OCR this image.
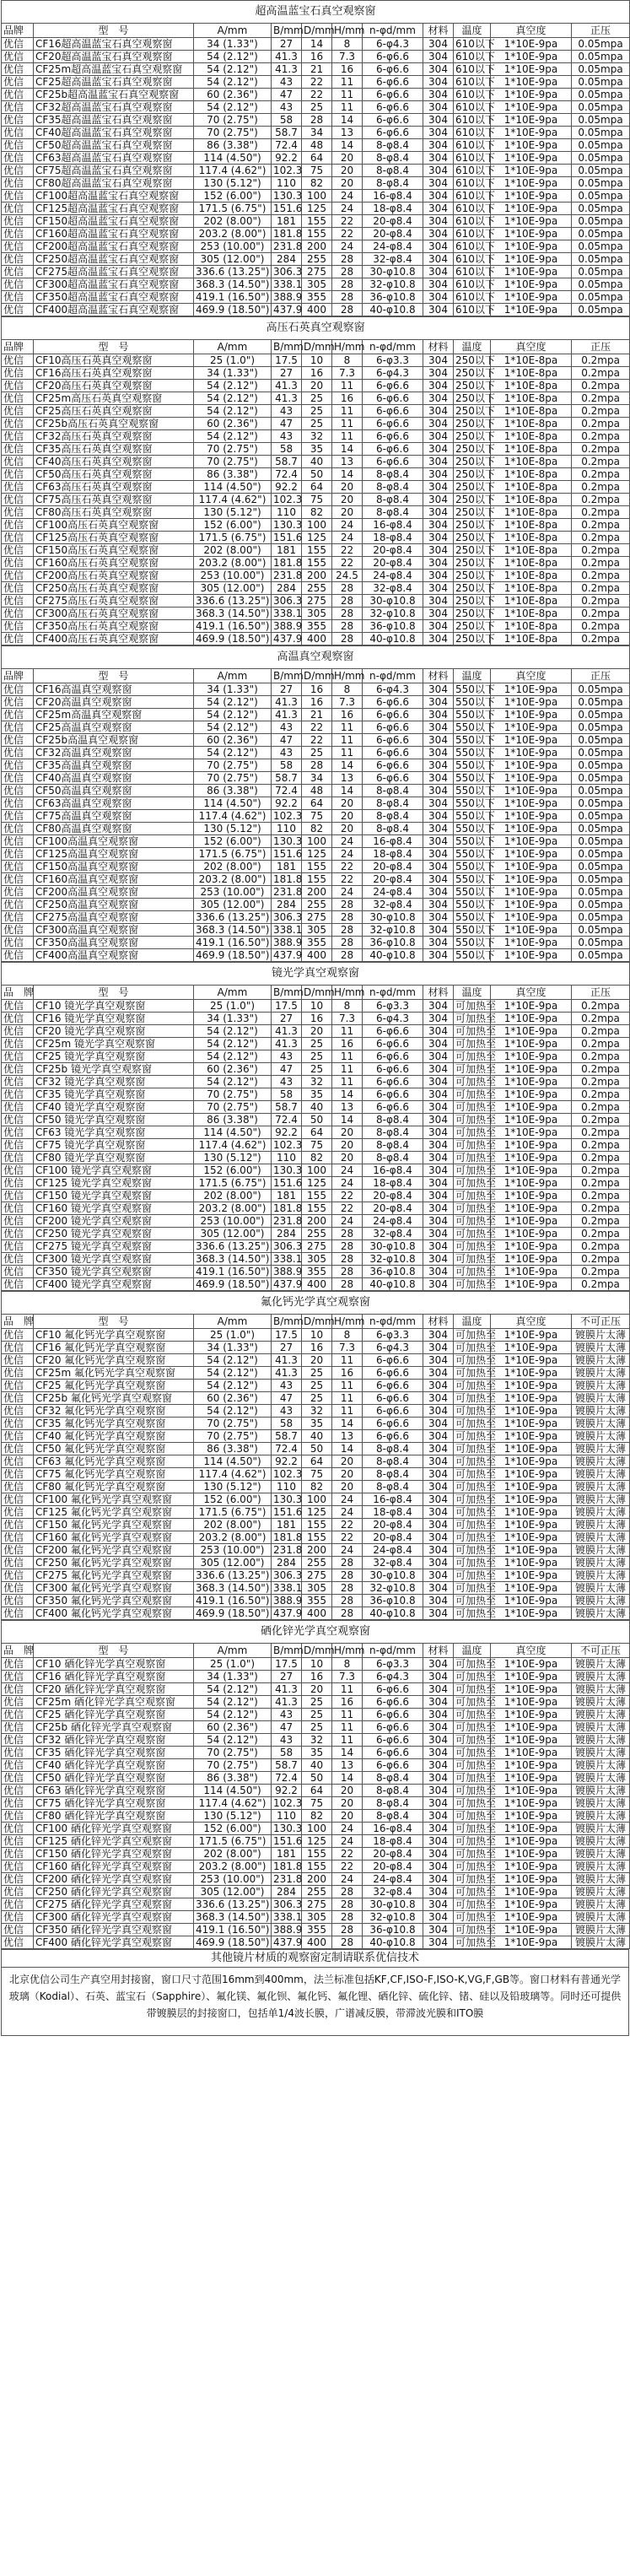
超高温蓝宝石真空观察窗										
品牌	型　号	A/mm	B/mm	D/mm	H/mm	n-φd/mm	材料	温度	真空度	正压
优信	CF16超高温蓝宝石真空观察窗	34 (1.33")	27	14	8	6-φ4.3	304	610以下	1*10E-9pa	0.05mpa
优信	CF20超高温蓝宝石真空观察窗	54 (2.12")	41.3	16	7.3	6-φ6.6	304	610以下	1*10E-9pa	0.05mpa
优信	CF25m超高温蓝宝石真空观察窗	54 (2.12")	41.3	21	16	6-φ6.6	304	610以下	1*10E-9pa	0.05mpa
优信	CF25超高温蓝宝石真空观察窗	54 (2.12")	43	22	11	6-φ6.6	304	610以下	1*10E-9pa	0.05mpa
优信	CF25b超高温蓝宝石真空观察窗	60 (2.36")	47	22	11	6-φ6.6	304	610以下	1*10E-9pa	0.05mpa
优信	CF32超高温蓝宝石真空观察窗	54 (2.12")	43	25	11	6-φ6.6	304	610以下	1*10E-9pa	0.05mpa
优信	CF35超高温蓝宝石真空观察窗	70 (2.75")	58	28	14	6-φ6.6	304	610以下	1*10E-9pa	0.05mpa
优信	CF40超高温蓝宝石真空观察窗	70 (2.75")	58.7	34	13	6-φ6.6	304	610以下	1*10E-9pa	0.05mpa
优信	CF50超高温蓝宝石真空观察窗	86 (3.38")	72.4	48	14	8-φ8.4	304	610以下	1*10E-9pa	0.05mpa
优信	CF63超高温蓝宝石真空观察窗	114 (4.50")	92.2	64	20	8-φ8.4	304	610以下	1*10E-9pa	0.05mpa
优信	CF75超高温蓝宝石真空观察窗	117.4 (4.62")	102.3	75	20	8-φ8.4	304	610以下	1*10E-9pa	0.05mpa
优信	CF80超高温蓝宝石真空观察窗	130 (5.12")	110	82	20	8-φ8.4	304	610以下	1*10E-9pa	0.05mpa
优信	CF100超高温蓝宝石真空观察窗	152 (6.00")	130.3	100	24	16-φ8.4	304	610以下	1*10E-9pa	0.05mpa
优信	CF125超高温蓝宝石真空观察窗	171.5 (6.75")	151.6	125	24	18-φ8.4	304	610以下	1*10E-9pa	0.05mpa
优信	CF150超高温蓝宝石真空观察窗	202 (8.00")	181	155	22	20-φ8.4	304	610以下	1*10E-9pa	0.05mpa
优信	CF160超高温蓝宝石真空观察窗	203.2 (8.00")	181.8	155	22	20-φ8.4	304	610以下	1*10E-9pa	0.05mpa
优信	CF200超高温蓝宝石真空观察窗	253 (10.00")	231.8	200	24	24-φ8.4	304	610以下	1*10E-9pa	0.05mpa
优信	CF250超高温蓝宝石真空观察窗	305 (12.00")	284	255	28	32-φ8.4	304	610以下	1*10E-9pa	0.05mpa
优信	CF275超高温蓝宝石真空观察窗	336.6 (13.25")	306.3	275	28	30-φ10.8	304	610以下	1*10E-9pa	0.05mpa
优信	CF300超高温蓝宝石真空观察窗	368.3 (14.50")	338.1	305	28	32-φ10.8	304	610以下	1*10E-9pa	0.05mpa
优信	CF350超高温蓝宝石真空观察窗	419.1 (16.50")	388.9	355	28	36-φ10.8	304	610以下	1*10E-9pa	0.05mpa
优信	CF400超高温蓝宝石真空观察窗	469.9 (18.50")	437.9	400	28	40-φ10.8	304	610以下	1*10E-9pa	0.05mpa
高压石英真空观察窗										
品牌	型　号	A/mm	B/mm	D/mm	H/mm	n-φd/mm	材料	温度	真空度	正压
优信	CF10高压石英真空观察窗	25 (1.0")	17.5	10	8	6-φ3.3	304	250以下	1*10E-8pa	0.2mpa
优信	CF16高压石英真空观察窗	34 (1.33")	27	16	7.3	6-φ4.3	304	250以下	1*10E-8pa	0.2mpa
优信	CF20高压石英真空观察窗	54 (2.12")	41.3	20	11	6-φ6.6	304	250以下	1*10E-8pa	0.2mpa
优信	CF25m高压石英真空观察窗	54 (2.12")	41.3	25	16	6-φ6.6	304	250以下	1*10E-8pa	0.2mpa
优信	CF25高压石英真空观察窗	54 (2.12")	43	25	11	6-φ6.6	304	250以下	1*10E-8pa	0.2mpa
优信	CF25b高压石英真空观察窗	60 (2.36")	47	25	11	6-φ6.6	304	250以下	1*10E-8pa	0.2mpa
优信	CF32高压石英真空观察窗	54 (2.12")	43	32	11	6-φ6.6	304	250以下	1*10E-8pa	0.2mpa
优信	CF35高压石英真空观察窗	70 (2.75")	58	35	14	6-φ6.6	304	250以下	1*10E-8pa	0.2mpa
优信	CF40高压石英真空观察窗	70 (2.75")	58.7	40	13	6-φ6.6	304	250以下	1*10E-8pa	0.2mpa
优信	CF50高压石英真空观察窗	86 (3.38")	72.4	50	14	8-φ8.4	304	250以下	1*10E-8pa	0.2mpa
优信	CF63高压石英真空观察窗	114 (4.50")	92.2	64	20	8-φ8.4	304	250以下	1*10E-8pa	0.2mpa
优信	CF75高压石英真空观察窗	117.4 (4.62")	102.3	75	20	8-φ8.4	304	250以下	1*10E-8pa	0.2mpa
优信	CF80高压石英真空观察窗	130 (5.12")	110	82	20	8-φ8.4	304	250以下	1*10E-8pa	0.2mpa
优信	CF100高压石英真空观察窗	152 (6.00")	130.3	100	24	16-φ8.4	304	250以下	1*10E-8pa	0.2mpa
优信	CF125高压石英真空观察窗	171.5 (6.75")	151.6	125	24	18-φ8.4	304	250以下	1*10E-8pa	0.2mpa
优信	CF150高压石英真空观察窗	202 (8.00")	181	155	22	20-φ8.4	304	250以下	1*10E-8pa	0.2mpa
优信	CF160高压石英真空观察窗	203.2 (8.00")	181.8	155	22	20-φ8.4	304	250以下	1*10E-8pa	0.2mpa
优信	CF200高压石英真空观察窗	253 (10.00")	231.8	200	24.5	24-φ8.4	304	250以下	1*10E-8pa	0.2mpa
优信	CF250高压石英真空观察窗	305 (12.00")	284	255	28	32-φ8.4	304	250以下	1*10E-8pa	0.2mpa
优信	CF275高压石英真空观察窗	336.6 (13.25")	306.3	275	28	30-φ10.8	304	250以下	1*10E-8pa	0.2mpa
优信	CF300高压石英真空观察窗	368.3 (14.50")	338.1	305	28	32-φ10.8	304	250以下	1*10E-8pa	0.2mpa
优信	CF350高压石英真空观察窗	419.1 (16.50")	388.9	355	28	36-φ10.8	304	250以下	1*10E-8pa	0.2mpa
优信	CF400高压石英真空观察窗	469.9 (18.50")	437.9	400	28	40-φ10.8	304	250以下	1*10E-8pa	0.2mpa
高温真空观察窗										
品牌	型　号	A/mm	B/mm	D/mm	H/mm	n-φd/mm	材料	温度	真空度	正压
优信	CF16高温真空观察窗	34 (1.33")	27	16	8	6-φ4.3	304	550以下	1*10E-9pa	0.05mpa
优信	CF20高温真空观察窗	54 (2.12")	41.3	16	7.3	6-φ6.6	304	550以下	1*10E-9pa	0.05mpa
优信	CF25m高温真空观察窗	54 (2.12")	41.3	21	16	6-φ6.6	304	550以下	1*10E-9pa	0.05mpa
优信	CF25高温真空观察窗	54 (2.12")	43	22	11	6-φ6.6	304	550以下	1*10E-9pa	0.05mpa
优信	CF25b高温真空观察窗	60 (2.36")	47	22	11	6-φ6.6	304	550以下	1*10E-9pa	0.05mpa
优信	CF32高温真空观察窗	54 (2.12")	43	25	11	6-φ6.6	304	550以下	1*10E-9pa	0.05mpa
优信	CF35高温真空观察窗	70 (2.75")	58	28	14	6-φ6.6	304	550以下	1*10E-9pa	0.05mpa
优信	CF40高温真空观察窗	70 (2.75")	58.7	34	13	6-φ6.6	304	550以下	1*10E-9pa	0.05mpa
优信	CF50高温真空观察窗	86 (3.38")	72.4	48	14	8-φ8.4	304	550以下	1*10E-9pa	0.05mpa
优信	CF63高温真空观察窗	114 (4.50")	92.2	64	20	8-φ8.4	304	550以下	1*10E-9pa	0.05mpa
优信	CF75高温真空观察窗	117.4 (4.62")	102.3	75	20	8-φ8.4	304	550以下	1*10E-9pa	0.05mpa
优信	CF80高温真空观察窗	130 (5.12")	110	82	20	8-φ8.4	304	550以下	1*10E-9pa	0.05mpa
优信	CF100高温真空观察窗	152 (6.00")	130.3	100	24	16-φ8.4	304	550以下	1*10E-9pa	0.05mpa
优信	CF125高温真空观察窗	171.5 (6.75")	151.6	125	24	18-φ8.4	304	550以下	1*10E-9pa	0.05mpa
优信	CF150高温真空观察窗	202 (8.00")	181	155	22	20-φ8.4	304	550以下	1*10E-9pa	0.05mpa
优信	CF160高温真空观察窗	203.2 (8.00")	181.8	155	22	20-φ8.4	304	550以下	1*10E-9pa	0.05mpa
优信	CF200高温真空观察窗	253 (10.00")	231.8	200	24	24-φ8.4	304	550以下	1*10E-9pa	0.05mpa
优信	CF250高温真空观察窗	305 (12.00")	284	255	28	32-φ8.4	304	550以下	1*10E-9pa	0.05mpa
优信	CF275高温真空观察窗	336.6 (13.25")	306.3	275	28	30-φ10.8	304	550以下	1*10E-9pa	0.05mpa
优信	CF300高温真空观察窗	368.3 (14.50")	338.1	305	28	32-φ10.8	304	550以下	1*10E-9pa	0.05mpa
优信	CF350高温真空观察窗	419.1 (16.50")	388.9	355	28	36-φ10.8	304	550以下	1*10E-9pa	0.05mpa
优信	CF400高温真空观察窗	469.9 (18.50")	437.9	400	28	40-φ10.8	304	550以下	1*10E-9pa	0.05mpa
镜光学真空观察窗										
品　牌	型　号	A/mm	B/mm	D/mm	H/mm	n-φd/mm	材料	温度	真空度	正压
优信	CF10 镜光学真空观察窗	25 (1.0")	17.5	10	8	6-φ3.3	304	可加热至	1*10E-9pa	0.2mpa
优信	CF16 镜光学真空观察窗	34 (1.33")	27	16	7.3	6-φ4.3	304	可加热至	1*10E-9pa	0.2mpa
优信	CF20 镜光学真空观察窗	54 (2.12")	41.3	20	11	6-φ6.6	304	可加热至	1*10E-9pa	0.2mpa
优信	CF25m 镜光学真空观察窗	54 (2.12")	41.3	25	16	6-φ6.6	304	可加热至	1*10E-9pa	0.2mpa
优信	CF25 镜光学真空观察窗	54 (2.12")	43	25	11	6-φ6.6	304	可加热至	1*10E-9pa	0.2mpa
优信	CF25b 镜光学真空观察窗	60 (2.36")	47	25	11	6-φ6.6	304	可加热至	1*10E-9pa	0.2mpa
优信	CF32 镜光学真空观察窗	54 (2.12")	43	32	11	6-φ6.6	304	可加热至	1*10E-9pa	0.2mpa
优信	CF35 镜光学真空观察窗	70 (2.75")	58	35	14	6-φ6.6	304	可加热至	1*10E-9pa	0.2mpa
优信	CF40 镜光学真空观察窗	70 (2.75")	58.7	40	13	6-φ6.6	304	可加热至	1*10E-9pa	0.2mpa
优信	CF50 镜光学真空观察窗	86 (3.38")	72.4	50	14	8-φ8.4	304	可加热至	1*10E-9pa	0.2mpa
优信	CF63 镜光学真空观察窗	114 (4.50")	92.2	64	20	8-φ8.4	304	可加热至	1*10E-9pa	0.2mpa
优信	CF75 镜光学真空观察窗	117.4 (4.62")	102.3	75	20	8-φ8.4	304	可加热至	1*10E-9pa	0.2mpa
优信	CF80 镜光学真空观察窗	130 (5.12")	110	82	20	8-φ8.4	304	可加热至	1*10E-9pa	0.2mpa
优信	CF100 镜光学真空观察窗	152 (6.00")	130.3	100	24	16-φ8.4	304	可加热至	1*10E-9pa	0.2mpa
优信	CF125 镜光学真空观察窗	171.5 (6.75")	151.6	125	24	18-φ8.4	304	可加热至	1*10E-9pa	0.2mpa
优信	CF150 镜光学真空观察窗	202 (8.00")	181	155	22	20-φ8.4	304	可加热至	1*10E-9pa	0.2mpa
优信	CF160 镜光学真空观察窗	203.2 (8.00")	181.8	155	22	20-φ8.4	304	可加热至	1*10E-9pa	0.2mpa
优信	CF200 镜光学真空观察窗	253 (10.00")	231.8	200	24	24-φ8.4	304	可加热至	1*10E-9pa	0.2mpa
优信	CF250 镜光学真空观察窗	305 (12.00")	284	255	28	32-φ8.4	304	可加热至	1*10E-9pa	0.2mpa
优信	CF275 镜光学真空观察窗	336.6 (13.25")	306.3	275	28	30-φ10.8	304	可加热至	1*10E-9pa	0.2mpa
优信	CF300 镜光学真空观察窗	368.3 (14.50")	338.1	305	28	32-φ10.8	304	可加热至	1*10E-9pa	0.2mpa
优信	CF350 镜光学真空观察窗	419.1 (16.50")	388.9	355	28	36-φ10.8	304	可加热至	1*10E-9pa	0.2mpa
优信	CF400 镜光学真空观察窗	469.9 (18.50")	437.9	400	28	40-φ10.8	304	可加热至	1*10E-9pa	0.2mpa
氟化钙光学真空观察窗										
品　牌	型　号	A/mm	B/mm	D/mm	H/mm	n-φd/mm	材料	温度	真空度	不可正压
优信	CF10 氟化钙光学真空观察窗	25 (1.0")	17.5	10	8	6-φ3.3	304	可加热至	1*10E-9pa	镀膜片太薄
优信	CF16 氟化钙光学真空观察窗	34 (1.33")	27	16	7.3	6-φ4.3	304	可加热至	1*10E-9pa	镀膜片太薄
优信	CF20 氟化钙光学真空观察窗	54 (2.12")	41.3	20	11	6-φ6.6	304	可加热至	1*10E-9pa	镀膜片太薄
优信	CF25m 氟化钙光学真空观察窗	54 (2.12")	41.3	25	16	6-φ6.6	304	可加热至	1*10E-9pa	镀膜片太薄
优信	CF25 氟化钙光学真空观察窗	54 (2.12")	43	25	11	6-φ6.6	304	可加热至	1*10E-9pa	镀膜片太薄
优信	CF25b 氟化钙光学真空观察窗	60 (2.36")	47	25	11	6-φ6.6	304	可加热至	1*10E-9pa	镀膜片太薄
优信	CF32 氟化钙光学真空观察窗	54 (2.12")	43	32	11	6-φ6.6	304	可加热至	1*10E-9pa	镀膜片太薄
优信	CF35 氟化钙光学真空观察窗	70 (2.75")	58	35	14	6-φ6.6	304	可加热至	1*10E-9pa	镀膜片太薄
优信	CF40 氟化钙光学真空观察窗	70 (2.75")	58.7	40	13	6-φ6.6	304	可加热至	1*10E-9pa	镀膜片太薄
优信	CF50 氟化钙光学真空观察窗	86 (3.38")	72.4	50	14	8-φ8.4	304	可加热至	1*10E-9pa	镀膜片太薄
优信	CF63 氟化钙光学真空观察窗	114 (4.50")	92.2	64	20	8-φ8.4	304	可加热至	1*10E-9pa	镀膜片太薄
优信	CF75 氟化钙光学真空观察窗	117.4 (4.62")	102.3	75	20	8-φ8.4	304	可加热至	1*10E-9pa	镀膜片太薄
优信	CF80 氟化钙光学真空观察窗	130 (5.12")	110	82	20	8-φ8.4	304	可加热至	1*10E-9pa	镀膜片太薄
优信	CF100 氟化钙光学真空观察窗	152 (6.00")	130.3	100	24	16-φ8.4	304	可加热至	1*10E-9pa	镀膜片太薄
优信	CF125 氟化钙光学真空观察窗	171.5 (6.75")	151.6	125	24	18-φ8.4	304	可加热至	1*10E-9pa	镀膜片太薄
优信	CF150 氟化钙光学真空观察窗	202 (8.00")	181	155	22	20-φ8.4	304	可加热至	1*10E-9pa	镀膜片太薄
优信	CF160 氟化钙光学真空观察窗	203.2 (8.00")	181.8	155	22	20-φ8.4	304	可加热至	1*10E-9pa	镀膜片太薄
优信	CF200 氟化钙光学真空观察窗	253 (10.00")	231.8	200	24	24-φ8.4	304	可加热至	1*10E-9pa	镀膜片太薄
优信	CF250 氟化钙光学真空观察窗	305 (12.00")	284	255	28	32-φ8.4	304	可加热至	1*10E-9pa	镀膜片太薄
优信	CF275 氟化钙光学真空观察窗	336.6 (13.25")	306.3	275	28	30-φ10.8	304	可加热至	1*10E-9pa	镀膜片太薄
优信	CF300 氟化钙光学真空观察窗	368.3 (14.50")	338.1	305	28	32-φ10.8	304	可加热至	1*10E-9pa	镀膜片太薄
优信	CF350 氟化钙光学真空观察窗	419.1 (16.50")	388.9	355	28	36-φ10.8	304	可加热至	1*10E-9pa	镀膜片太薄
优信	CF400 氟化钙光学真空观察窗	469.9 (18.50")	437.9	400	28	40-φ10.8	304	可加热至	1*10E-9pa	镀膜片太薄
硒化锌光学真空观察窗										
品　牌	型　号	A/mm	B/mm	D/mm	H/mm	n-φd/mm	材料	温度	真空度	不可正压
优信	CF10 硒化锌光学真空观察窗	25 (1.0")	17.5	10	8	6-φ3.3	304	可加热至	1*10E-9pa	镀膜片太薄
优信	CF16 硒化锌光学真空观察窗	34 (1.33")	27	16	7.3	6-φ4.3	304	可加热至	1*10E-9pa	镀膜片太薄
优信	CF20 硒化锌光学真空观察窗	54 (2.12")	41.3	20	11	6-φ6.6	304	可加热至	1*10E-9pa	镀膜片太薄
优信	CF25m 硒化锌光学真空观察窗	54 (2.12")	41.3	25	16	6-φ6.6	304	可加热至	1*10E-9pa	镀膜片太薄
优信	CF25 硒化锌光学真空观察窗	54 (2.12")	43	25	11	6-φ6.6	304	可加热至	1*10E-9pa	镀膜片太薄
优信	CF25b 硒化锌光学真空观察窗	60 (2.36")	47	25	11	6-φ6.6	304	可加热至	1*10E-9pa	镀膜片太薄
优信	CF32 硒化锌光学真空观察窗	54 (2.12")	43	32	11	6-φ6.6	304	可加热至	1*10E-9pa	镀膜片太薄
优信	CF35 硒化锌光学真空观察窗	70 (2.75")	58	35	14	6-φ6.6	304	可加热至	1*10E-9pa	镀膜片太薄
优信	CF40 硒化锌光学真空观察窗	70 (2.75")	58.7	40	13	6-φ6.6	304	可加热至	1*10E-9pa	镀膜片太薄
优信	CF50 硒化锌光学真空观察窗	86 (3.38")	72.4	50	14	8-φ8.4	304	可加热至	1*10E-9pa	镀膜片太薄
优信	CF63 硒化锌光学真空观察窗	114 (4.50")	92.2	64	20	8-φ8.4	304	可加热至	1*10E-9pa	镀膜片太薄
优信	CF75 硒化锌光学真空观察窗	117.4 (4.62")	102.3	75	20	8-φ8.4	304	可加热至	1*10E-9pa	镀膜片太薄
优信	CF80 硒化锌光学真空观察窗	130 (5.12")	110	82	20	8-φ8.4	304	可加热至	1*10E-9pa	镀膜片太薄
优信	CF100 硒化锌光学真空观察窗	152 (6.00")	130.3	100	24	16-φ8.4	304	可加热至	1*10E-9pa	镀膜片太薄
优信	CF125 硒化锌光学真空观察窗	171.5 (6.75")	151.6	125	24	18-φ8.4	304	可加热至	1*10E-9pa	镀膜片太薄
优信	CF150 硒化锌光学真空观察窗	202 (8.00")	181	155	22	20-φ8.4	304	可加热至	1*10E-9pa	镀膜片太薄
优信	CF160 硒化锌光学真空观察窗	203.2 (8.00")	181.8	155	22	20-φ8.4	304	可加热至	1*10E-9pa	镀膜片太薄
优信	CF200 硒化锌光学真空观察窗	253 (10.00")	231.8	200	24	24-φ8.4	304	可加热至	1*10E-9pa	镀膜片太薄
优信	CF250 硒化锌光学真空观察窗	305 (12.00")	284	255	28	32-φ8.4	304	可加热至	1*10E-9pa	镀膜片太薄
优信	CF275 硒化锌光学真空观察窗	336.6 (13.25")	306.3	275	28	30-φ10.8	304	可加热至	1*10E-9pa	镀膜片太薄
优信	CF300 硒化锌光学真空观察窗	368.3 (14.50")	338.1	305	28	32-φ10.8	304	可加热至	1*10E-9pa	镀膜片太薄
优信	CF350 硒化锌光学真空观察窗	419.1 (16.50")	388.9	355	28	36-φ10.8	304	可加热至	1*10E-9pa	镀膜片太薄
优信	CF400 硒化锌光学真空观察窗	469.9 (18.50")	437.9	400	28	40-φ10.8	304	可加热至	1*10E-9pa	镀膜片太薄
其他镜片材质的观察窗定制请联系优信技术
北京优信公司生产真空用封接窗，窗口尺寸范围16mm到400mm，法兰标准包括KF,CF,ISO-F,ISO-K,VG,F,GB等。窗口材料有普通光学玻璃（Kodial）、石英、蓝宝石（Sapphire）、氟化镁、氟化钡、氟化钙、氟化锂、硒化锌、硫化锌、锗、硅以及铅玻璃等。同时还可提供带镀膜层的封接窗口，包括单1/4波长膜，广谱减反膜，带滞波光膜和ITO膜
